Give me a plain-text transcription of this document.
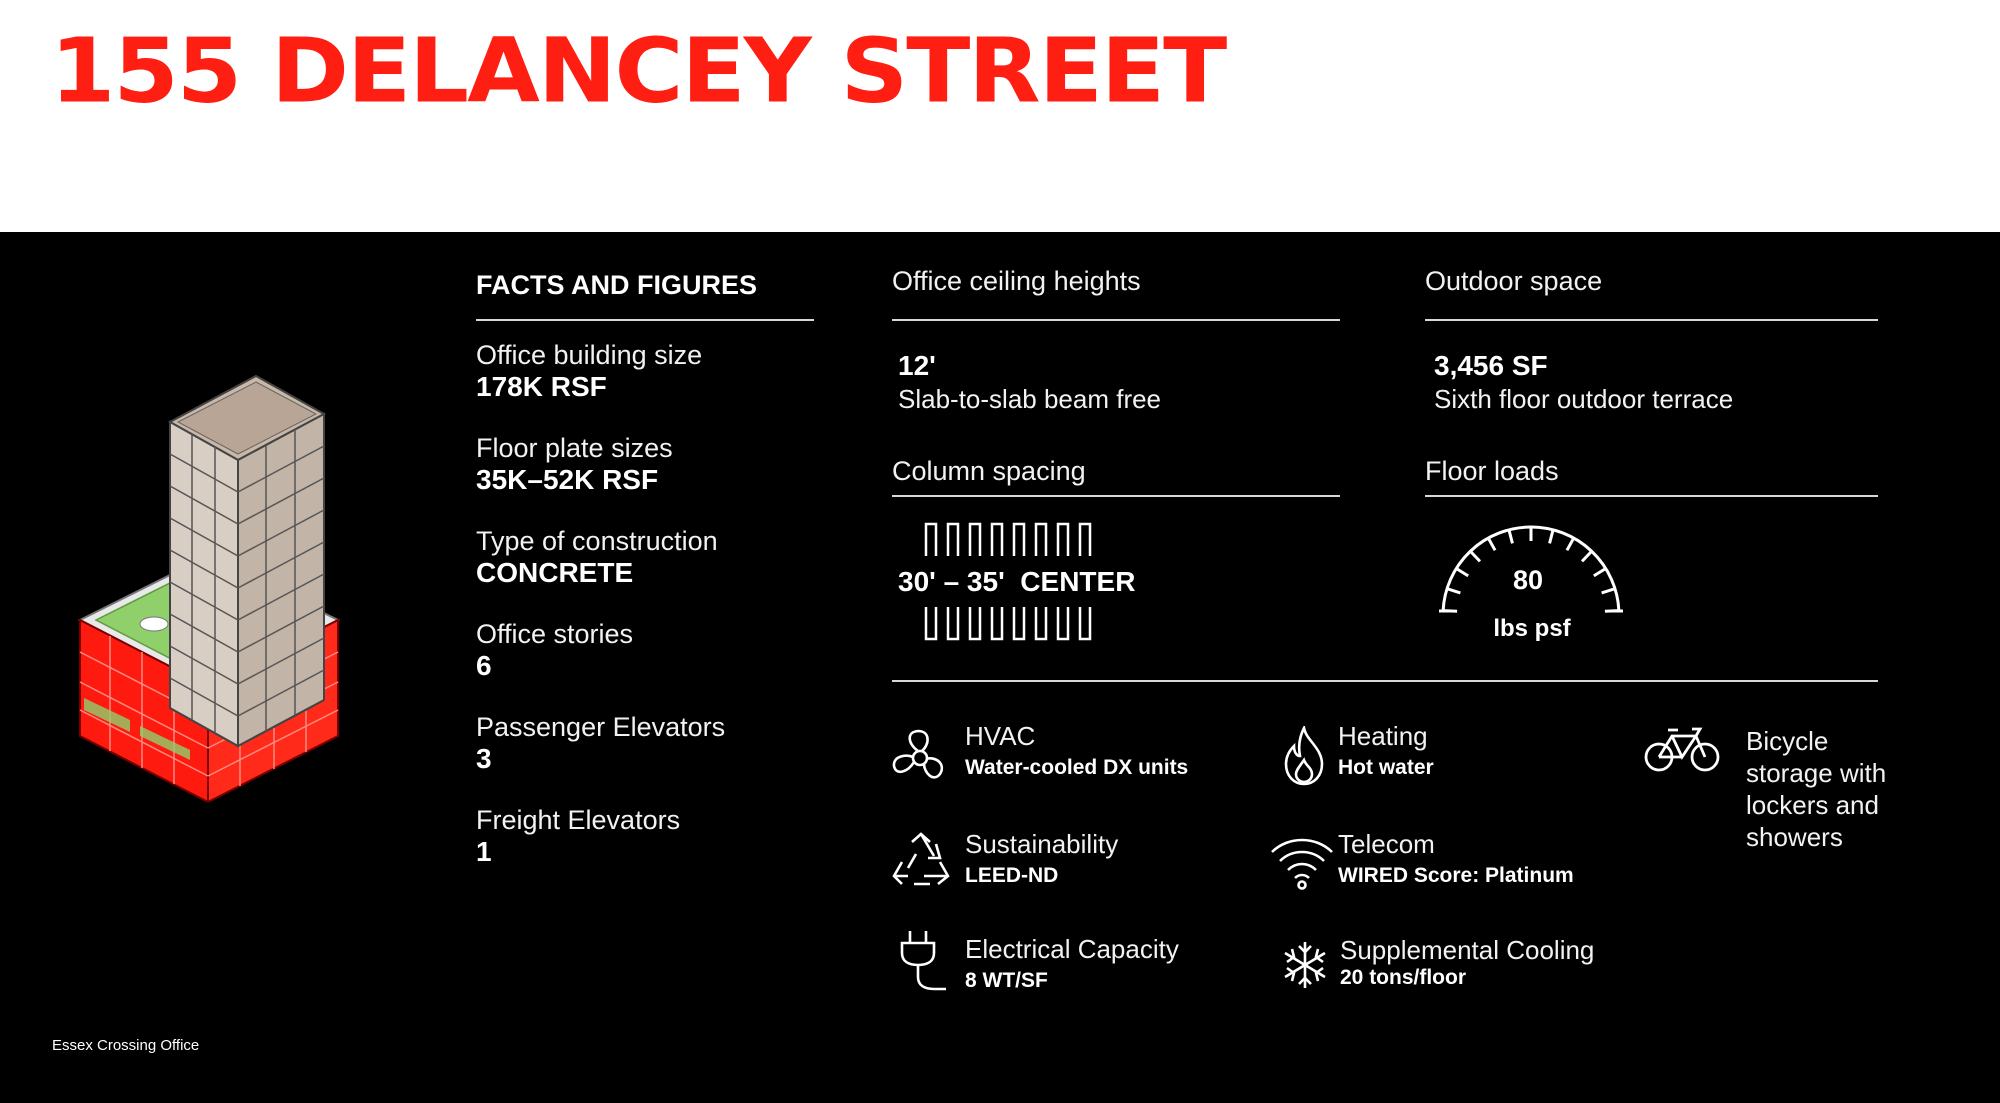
155 DELANCEY STREET
FACTS AND FIGURES
Office building size
178K RSF
Floor plate sizes
35K–52K RSF
Type of construction
CONCRETE
Office stories
6
Passenger Elevators
3
Freight Elevators
1
Office ceiling heights
12'
Slab-to-slab beam free
Outdoor space
3,456 SF
Sixth floor outdoor terrace
Column spacing
30' – 35'  CENTER
Floor loads
80
lbs psf
HVAC
Water-cooled DX units
Heating
Hot water
Bicycle
storage with
lockers and
showers
Sustainability
LEED-ND
Telecom
WIRED Score: Platinum
Electrical Capacity
8 WT/SF
Supplemental Cooling
20 tons/floor
Essex Crossing Office
